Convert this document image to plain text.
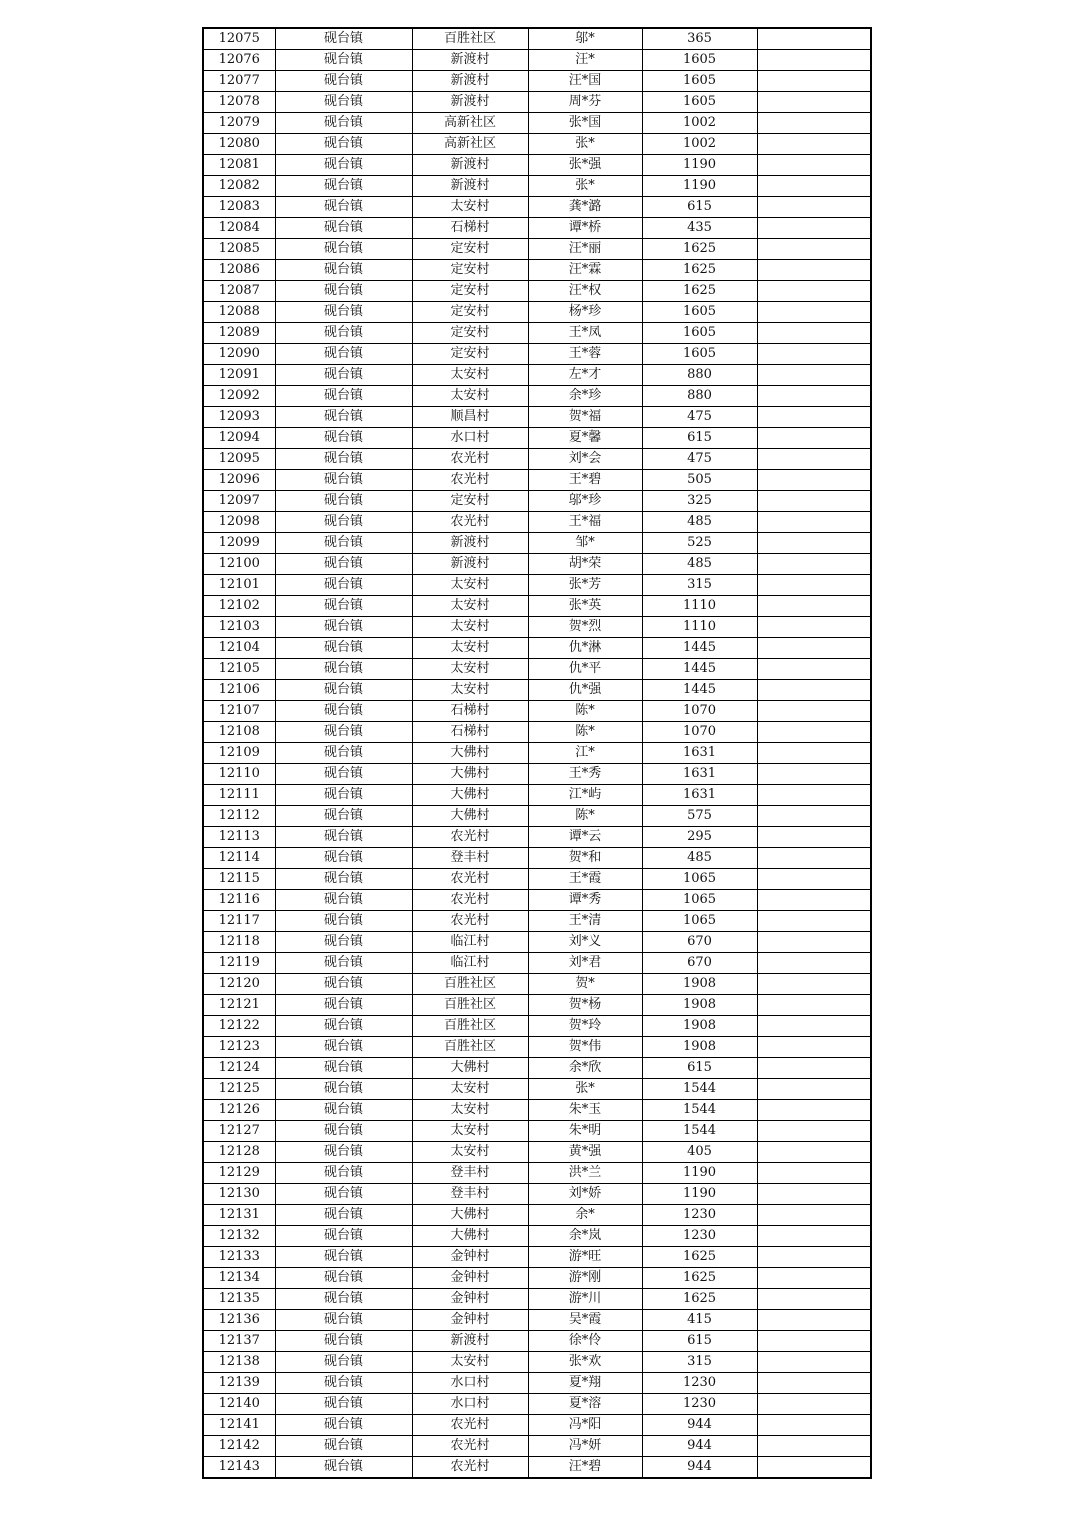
12075	砚台镇	百胜社区	邬*	365	
12076	砚台镇	新渡村	汪*	1605	
12077	砚台镇	新渡村	汪*国	1605	
12078	砚台镇	新渡村	周*芬	1605	
12079	砚台镇	高新社区	张*国	1002	
12080	砚台镇	高新社区	张*	1002	
12081	砚台镇	新渡村	张*强	1190	
12082	砚台镇	新渡村	张*	1190	
12083	砚台镇	太安村	龚*潞	615	
12084	砚台镇	石梯村	谭*桥	435	
12085	砚台镇	定安村	汪*丽	1625	
12086	砚台镇	定安村	汪*霖	1625	
12087	砚台镇	定安村	汪*权	1625	
12088	砚台镇	定安村	杨*珍	1605	
12089	砚台镇	定安村	王*凤	1605	
12090	砚台镇	定安村	王*蓉	1605	
12091	砚台镇	太安村	左*才	880	
12092	砚台镇	太安村	余*珍	880	
12093	砚台镇	顺昌村	贺*福	475	
12094	砚台镇	水口村	夏*馨	615	
12095	砚台镇	农光村	刘*会	475	
12096	砚台镇	农光村	王*碧	505	
12097	砚台镇	定安村	邬*珍	325	
12098	砚台镇	农光村	王*福	485	
12099	砚台镇	新渡村	邹*	525	
12100	砚台镇	新渡村	胡*荣	485	
12101	砚台镇	太安村	张*芳	315	
12102	砚台镇	太安村	张*英	1110	
12103	砚台镇	太安村	贺*烈	1110	
12104	砚台镇	太安村	仇*淋	1445	
12105	砚台镇	太安村	仇*平	1445	
12106	砚台镇	太安村	仇*强	1445	
12107	砚台镇	石梯村	陈*	1070	
12108	砚台镇	石梯村	陈*	1070	
12109	砚台镇	大佛村	江*	1631	
12110	砚台镇	大佛村	王*秀	1631	
12111	砚台镇	大佛村	江*屿	1631	
12112	砚台镇	大佛村	陈*	575	
12113	砚台镇	农光村	谭*云	295	
12114	砚台镇	登丰村	贺*和	485	
12115	砚台镇	农光村	王*霞	1065	
12116	砚台镇	农光村	谭*秀	1065	
12117	砚台镇	农光村	王*清	1065	
12118	砚台镇	临江村	刘*义	670	
12119	砚台镇	临江村	刘*君	670	
12120	砚台镇	百胜社区	贺*	1908	
12121	砚台镇	百胜社区	贺*杨	1908	
12122	砚台镇	百胜社区	贺*玲	1908	
12123	砚台镇	百胜社区	贺*伟	1908	
12124	砚台镇	大佛村	余*欣	615	
12125	砚台镇	太安村	张*	1544	
12126	砚台镇	太安村	朱*玉	1544	
12127	砚台镇	太安村	朱*明	1544	
12128	砚台镇	太安村	黄*强	405	
12129	砚台镇	登丰村	洪*兰	1190	
12130	砚台镇	登丰村	刘*娇	1190	
12131	砚台镇	大佛村	余*	1230	
12132	砚台镇	大佛村	余*岚	1230	
12133	砚台镇	金钟村	游*旺	1625	
12134	砚台镇	金钟村	游*刚	1625	
12135	砚台镇	金钟村	游*川	1625	
12136	砚台镇	金钟村	吴*霞	415	
12137	砚台镇	新渡村	徐*伶	615	
12138	砚台镇	太安村	张*欢	315	
12139	砚台镇	水口村	夏*翔	1230	
12140	砚台镇	水口村	夏*溶	1230	
12141	砚台镇	农光村	冯*阳	944	
12142	砚台镇	农光村	冯*妍	944	
12143	砚台镇	农光村	汪*碧	944	
